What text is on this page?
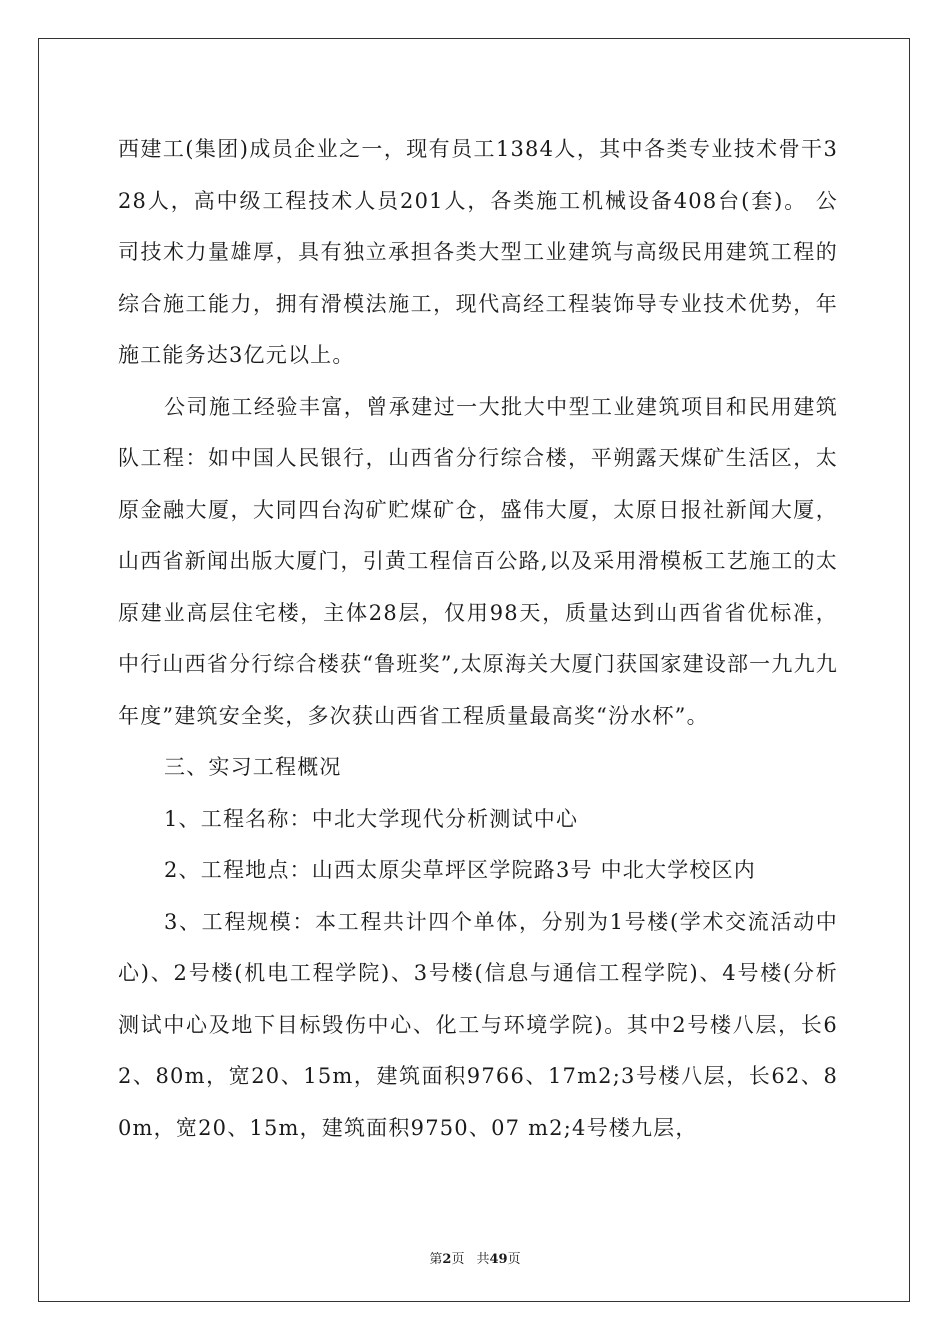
西建工(集团)成员企业之一，现有员工1384人，其中各类专业技术骨干328人，高中级工程技术人员201人，各类施工机械设备408台(套)。 公司技术力量雄厚，具有独立承担各类大型工业建筑与高级民用建筑工程的综合施工能力，拥有滑模法施工，现代高经工程装饰导专业技术优势，年施工能务达3亿元以上。

公司施工经验丰富，曾承建过一大批大中型工业建筑项目和民用建筑队工程：如中国人民银行，山西省分行综合楼，平朔露天煤矿生活区，太原金融大厦，大同四台沟矿贮煤矿仓，盛伟大厦，太原日报社新闻大厦，山西省新闻出版大厦门，引黄工程信百公路,以及采用滑模板工艺施工的太原建业高层住宅楼，主体28层，仅用98天，质量达到山西省省优标准，中行山西省分行综合楼获“鲁班奖”,太原海关大厦门获国家建设部一九九九年度”建筑安全奖，多次获山西省工程质量最高奖“汾水杯”。

三、实习工程概况

1、工程名称：中北大学现代分析测试中心

2、工程地点：山西太原尖草坪区学院路3号 中北大学校区内

3、工程规模：本工程共计四个单体，分别为1号楼(学术交流活动中心)、2号楼(机电工程学院)、3号楼(信息与通信工程学院)、4号楼(分析测试中心及地下目标毁伤中心、化工与环境学院)。其中2号楼八层，长62、80m，宽20、15m，建筑面积9766、17m2;3号楼八层，长62、80m，宽20、15m，建筑面积9750、07 m2;4号楼九层，

第2页 共49页
